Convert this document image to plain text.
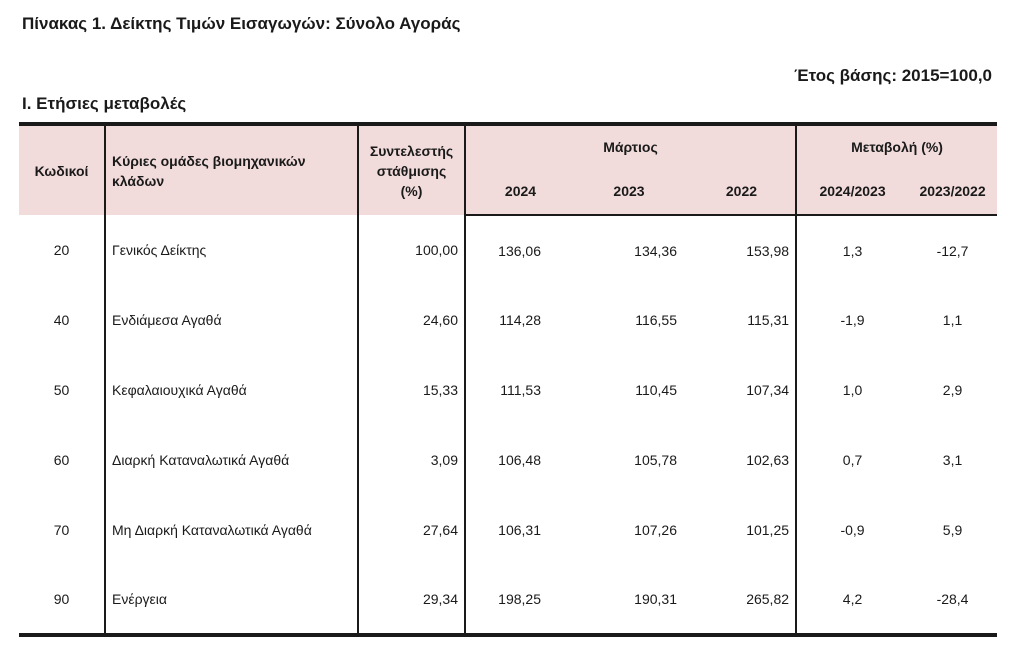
Πίνακας 1. Δείκτης Τιμών Εισαγωγών: Σύνολο Αγοράς
Έτος βάσης: 2015=100,0
Ι. Ετήσιες μεταβολές
Κωδικοί	Κύριες ομάδες βιομηχανικών κλάδων	Συντελεστής στάθμισης (%)	Μάρτιος			Μεταβολή (%)	
			2024	2023	2022	2024/2023	2023/2022
20	Γενικός Δείκτης	100,00	136,06	134,36	153,98	1,3	-12,7
40	Ενδιάμεσα Αγαθά	24,60	114,28	116,55	115,31	-1,9	1,1
50	Κεφαλαιουχικά Αγαθά	15,33	111,53	110,45	107,34	1,0	2,9
60	Διαρκή Καταναλωτικά Αγαθά	3,09	106,48	105,78	102,63	0,7	3,1
70	Μη Διαρκή Καταναλωτικά Αγαθά	27,64	106,31	107,26	101,25	-0,9	5,9
90	Ενέργεια	29,34	198,25	190,31	265,82	4,2	-28,4
